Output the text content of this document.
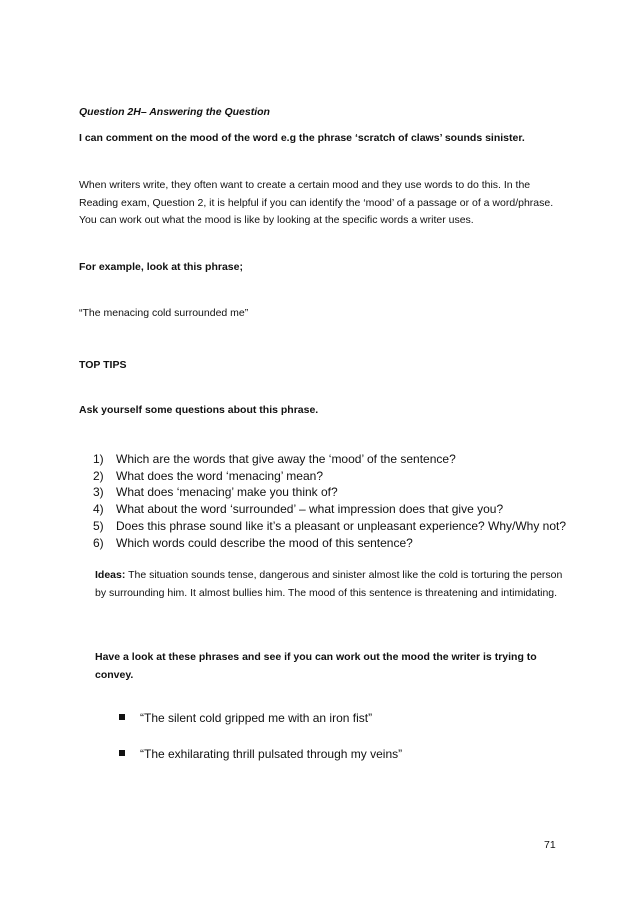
Question 2H– Answering the Question
I can comment on the mood of the word e.g the phrase ‘scratch of claws’ sounds sinister.
When writers write, they often want to create a certain mood and they use words to do this. In the Reading exam, Question 2, it is helpful if you can identify the ‘mood’ of a passage or of a word/phrase. You can work out what the mood is like by looking at the specific words a writer uses.
For example, look at this phrase;
“The menacing cold surrounded me”
TOP TIPS
Ask yourself some questions about this phrase.
1) Which are the words that give away the ‘mood’ of the sentence?
2) What does the word ‘menacing’ mean?
3) What does ‘menacing’ make you think of?
4) What about the word ‘surrounded’ – what impression does that give you?
5) Does this phrase sound like it’s a pleasant or unpleasant experience? Why/Why not?
6) Which words could describe the mood of this sentence?
Ideas: The situation sounds tense, dangerous and sinister almost like the cold is torturing the person by surrounding him. It almost bullies him. The mood of this sentence is threatening and intimidating.
Have a look at these phrases and see if you can work out the mood the writer is trying to convey.
“The silent cold gripped me with an iron fist”
“The exhilarating thrill pulsated through my veins”
71
